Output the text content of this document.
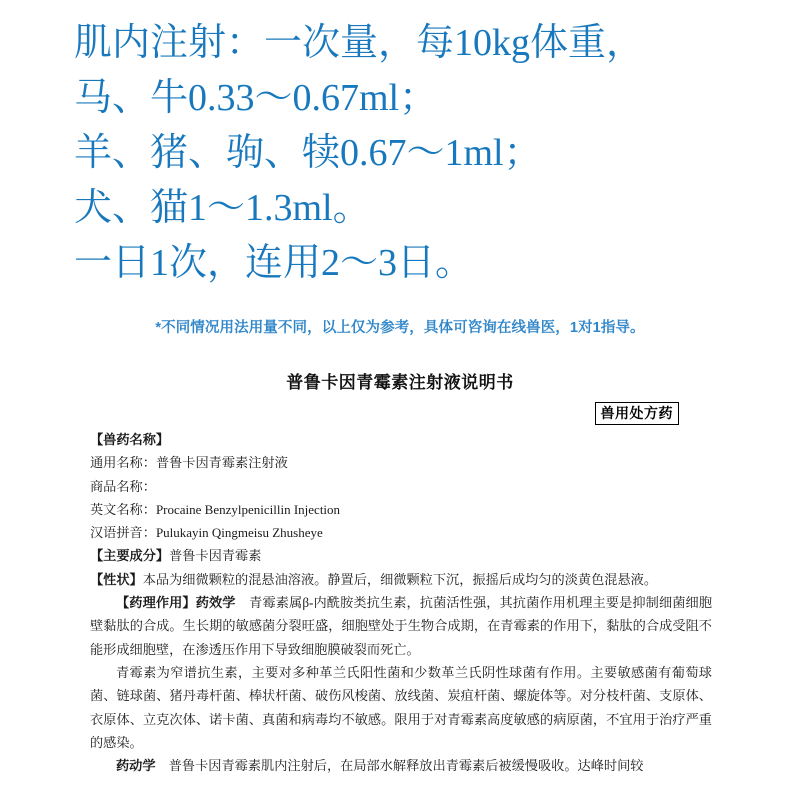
肌内注射：一次量，每10kg体重，
马、牛0.33～0.67ml；
羊、猪、驹、犊0.67～1ml；
犬、猫1～1.3ml。
一日1次，连用2～3日。
*不同情况用法用量不同，以上仅为参考，具体可咨询在线兽医，1对1指导。
普鲁卡因青霉素注射液说明书
兽用处方药
【兽药名称】
通用名称：普鲁卡因青霉素注射液
商品名称：
英文名称：Procaine Benzylpenicillin Injection
汉语拼音：Pulukayin Qingmeisu Zhusheye
【主要成分】普鲁卡因青霉素
【性状】本品为细微颗粒的混悬油溶液。静置后，细微颗粒下沉，振摇后成均匀的淡黄色混悬液。
【药理作用】药效学 青霉素属β-内酰胺类抗生素，抗菌活性强，其抗菌作用机理主要是抑制细菌细胞壁黏肽的合成。生长期的敏感菌分裂旺盛，细胞壁处于生物合成期，在青霉素的作用下，黏肽的合成受阻不能形成细胞壁，在渗透压作用下导致细胞膜破裂而死亡。
青霉素为窄谱抗生素，主要对多种革兰氏阳性菌和少数革兰氏阴性球菌有作用。主要敏感菌有葡萄球菌、链球菌、猪丹毒杆菌、棒状杆菌、破伤风梭菌、放线菌、炭疽杆菌、螺旋体等。对分枝杆菌、支原体、衣原体、立克次体、诺卡菌、真菌和病毒均不敏感。限用于对青霉素高度敏感的病原菌，不宜用于治疗严重的感染。
药动学 普鲁卡因青霉素肌内注射后，在局部水解释放出青霉素后被缓慢吸收。达峰时间较
